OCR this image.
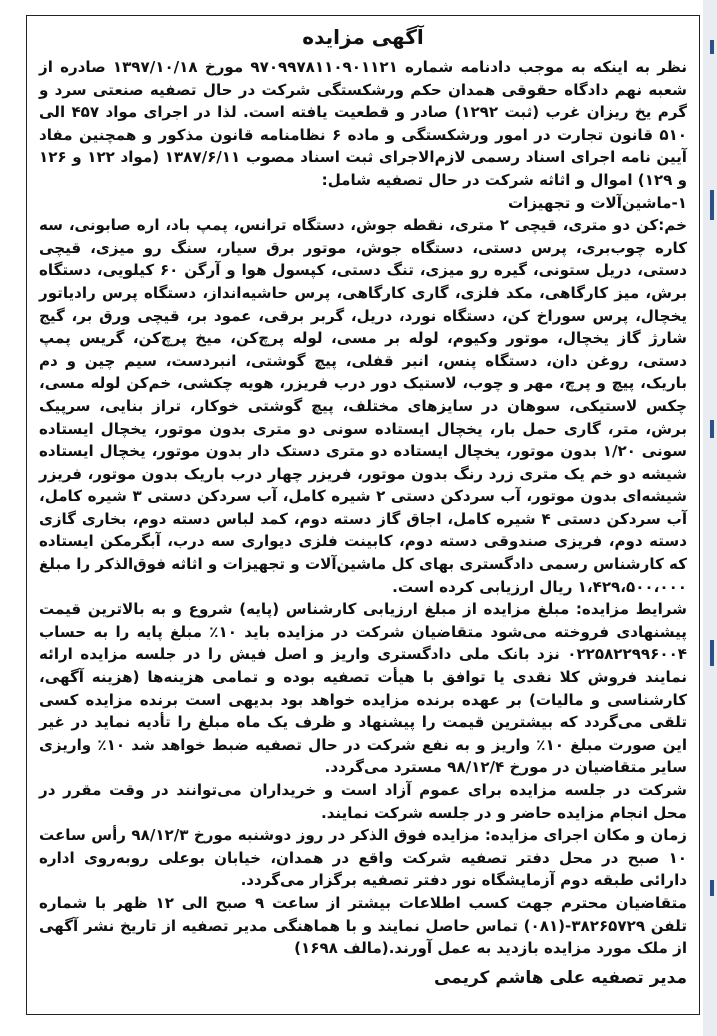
آگهی مزایده

نظر به اینکه به موجب دادنامه شماره ۹۷۰۹۹۷۸۱۱۰۹۰۱۱۲۱ مورخ ۱۳۹۷/۱۰/۱۸ صادره از شعبه نهم دادگاه حقوقی همدان حکم ورشکستگی شرکت در حال تصفیه صنعتی سرد و گرم یخ ریزان غرب (ثبت ۱۲۹۲) صادر و قطعیت یافته است. لذا در اجرای مواد ۴۵۷ الی ۵۱۰ قانون تجارت در امور ورشکستگی و ماده ۶ نظامنامه قانون مذکور و همچنین مفاد آیین نامه اجرای اسناد رسمی لازم‌الاجرای ثبت اسناد مصوب ۱۳۸۷/۶/۱۱ (مواد ۱۲۲ و ۱۲۶ و ۱۲۹) اموال و اثاثه شرکت در حال تصفیه شامل:

۱-ماشین‌آلات و تجهیزات

خم:کن دو متری، قیچی ۲ متری، نقطه جوش، دستگاه ترانس، پمپ باد، اره صابونی، سه کاره چوب‌بری، پرس دستی، دستگاه جوش، موتور برق سیار، سنگ رو میزی، قیچی دستی، دریل ستونی، گیره رو میزی، تنگ دستی، کپسول هوا و آرگن ۶۰ کیلویی، دستگاه برش، میز کارگاهی، مکد فلزی، گاری کارگاهی، پرس حاشیه‌انداز، دستگاه پرس رادیاتور یخچال، پرس سوراخ کن، دستگاه نورد، دریل، گربر برقی، عمود بر، قیچی ورق بر، گیج شارژ گاز یخچال، موتور وکیوم، لوله بر مسی، لوله پرچ‌کن، میخ پرچ‌کن، گریس پمپ دستی، روغن دان، دستگاه پنس، انبر قفلی، پیچ گوشتی، انبردست، سیم چین و دم باریک، پیچ و پرچ، مهر و چوب، لاستیک دور درب فریزر، هویه چکشی، خم‌کن لوله مسی، چکس لاستیکی، سوهان در سایزهای مختلف، پیچ گوشتی خوکار، تراز بنایی، سرپیک برش، متر، گاری حمل بار، یخچال ایستاده سونی دو متری بدون موتور، یخچال ایستاده سونی ۱/۲۰ بدون موتور، یخچال ایستاده دو متری دستک دار بدون موتور، یخچال ایستاده شیشه دو خم یک متری زرد رنگ بدون موتور، فریزر چهار درب باریک بدون موتور، فریزر شیشه‌ای بدون موتور، آب سردکن دستی ۲ شیره کامل، آب سردکن دستی ۳ شیره کامل، آب سردکن دستی ۴ شیره کامل، اجاق گاز دسته دوم، کمد لباس دسته دوم، بخاری گازی دسته دوم، فریزی صندوقی دسته دوم، کابینت فلزی دیواری سه درب، آبگرمکن ایستاده که کارشناس رسمی دادگستری بهای کل ماشین‌آلات و تجهیزات و اثاثه فوق‌الذکر را مبلغ ۱،۴۲۹،۵۰۰،۰۰۰ ریال ارزیابی کرده است.

شرایط مزایده: مبلغ مزایده از مبلغ ارزیابی کارشناس (پایه) شروع و به بالاترین قیمت پیشنهادی فروخته می‌شود متقاضیان شرکت در مزایده باید ۱۰٪ مبلغ پایه را به حساب ۰۲۲۵۸۲۲۹۹۶۰۰۴ نزد بانک ملی دادگستری واریز و اصل فیش را در جلسه مزایده ارائه نمایند فروش کلا نقدی یا توافق با هیأت تصفیه بوده و تمامی هزینه‌ها (هزینه آگهی، کارشناسی و مالیات) بر عهده برنده مزایده خواهد بود بدیهی است برنده مزایده کسی تلقی می‌گردد که بیشترین قیمت را پیشنهاد و ظرف یک ماه مبلغ را تأدیه نماید در غیر این صورت مبلغ ۱۰٪ واریز و به نفع شرکت در حال تصفیه ضبط خواهد شد ۱۰٪ واریزی سایر متقاضیان در مورخ ۹۸/۱۲/۴ مسترد می‌گردد.

شرکت در جلسه مزایده برای عموم آزاد است و خریداران می‌توانند در وقت مقرر در محل انجام مزایده حاضر و در جلسه شرکت نمایند.

زمان و مکان اجرای مزایده: مزایده فوق الذکر در روز دوشنبه مورخ ۹۸/۱۲/۳ رأس ساعت ۱۰ صبح در محل دفتر تصفیه شرکت واقع در همدان، خیابان بوعلی روبه‌روی اداره دارائی طبقه دوم آزمایشگاه نور دفتر تصفیه برگزار می‌گردد.

متقاضیان محترم جهت کسب اطلاعات بیشتر از ساعت ۹ صبح الی ۱۲ ظهر با شماره تلفن ۳۸۲۶۵۷۲۹-(۰۸۱) تماس حاصل نمایند و با هماهنگی مدیر تصفیه از تاریخ نشر آگهی از ملک مورد مزایده بازدید به عمل آورند.(مالف ۱۶۹۸)

مدیر تصفیه علی هاشم کریمی
